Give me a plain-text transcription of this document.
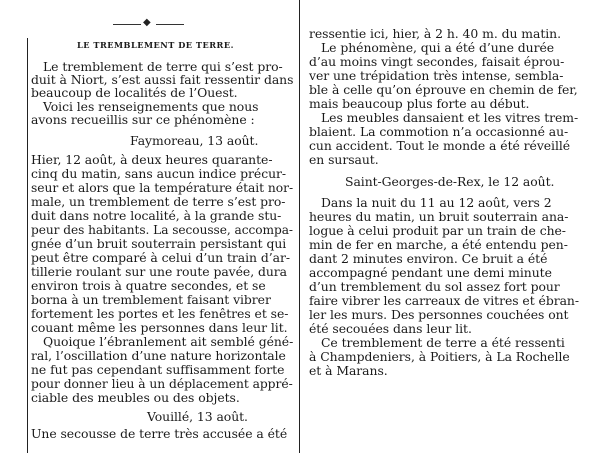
◆
LE TREMBLEMENT DE TERRE.

Le tremblement de terre qui s’est pro-

duit à Niort, s’est aussi fait ressentir dans

beaucoup de localités de l’Ouest.

Voici les renseignements que nous

avons recueillis sur ce phénomène :

Faymoreau, 13 août.

Hier, 12 août, à deux heures quarante-

cinq du matin, sans aucun indice précur-

seur et alors que la température était nor-

male, un tremblement de terre s’est pro-

duit dans notre localité, à la grande stu-

peur des habitants. La secousse, accompa-

gnée d’un bruit souterrain persistant qui

peut être comparé à celui d’un train d’ar-

tillerie roulant sur une route pavée, dura

environ trois à quatre secondes, et se

borna à un tremblement faisant vibrer

fortement les portes et les fenêtres et se-

couant même les personnes dans leur lit.

Quoique l’ébranlement ait semblé géné-

ral, l’oscillation d’une nature horizontale

ne fut pas cependant suffisamment forte

pour donner lieu à un déplacement appré-

ciable des meubles ou des objets.

Vouillé, 13 août.

Une secousse de terre très accusée a été

ressentie ici, hier, à 2 h. 40 m. du matin.

Le phénomène, qui a été d’une durée

d’au moins vingt secondes, faisait éprou-

ver une trépidation très intense, sembla-

ble à celle qu’on éprouve en chemin de fer,

mais beaucoup plus forte au début.

Les meubles dansaient et les vitres trem-

blaient. La commotion n’a occasionné au-

cun accident. Tout le monde a été réveillé

en sursaut.

Saint-Georges-de-Rex, le 12 août.

Dans la nuit du 11 au 12 août, vers 2

heures du matin, un bruit souterrain ana-

logue à celui produit par un train de che-

min de fer en marche, a été entendu pen-

dant 2 minutes environ. Ce bruit a été

accompagné pendant une demi minute

d’un tremblement du sol assez fort pour

faire vibrer les carreaux de vitres et ébran-

ler les murs. Des personnes couchées ont

été secouées dans leur lit.

Ce tremblement de terre a été ressenti

à Champdeniers, à Poitiers, à La Rochelle

et à Marans.
